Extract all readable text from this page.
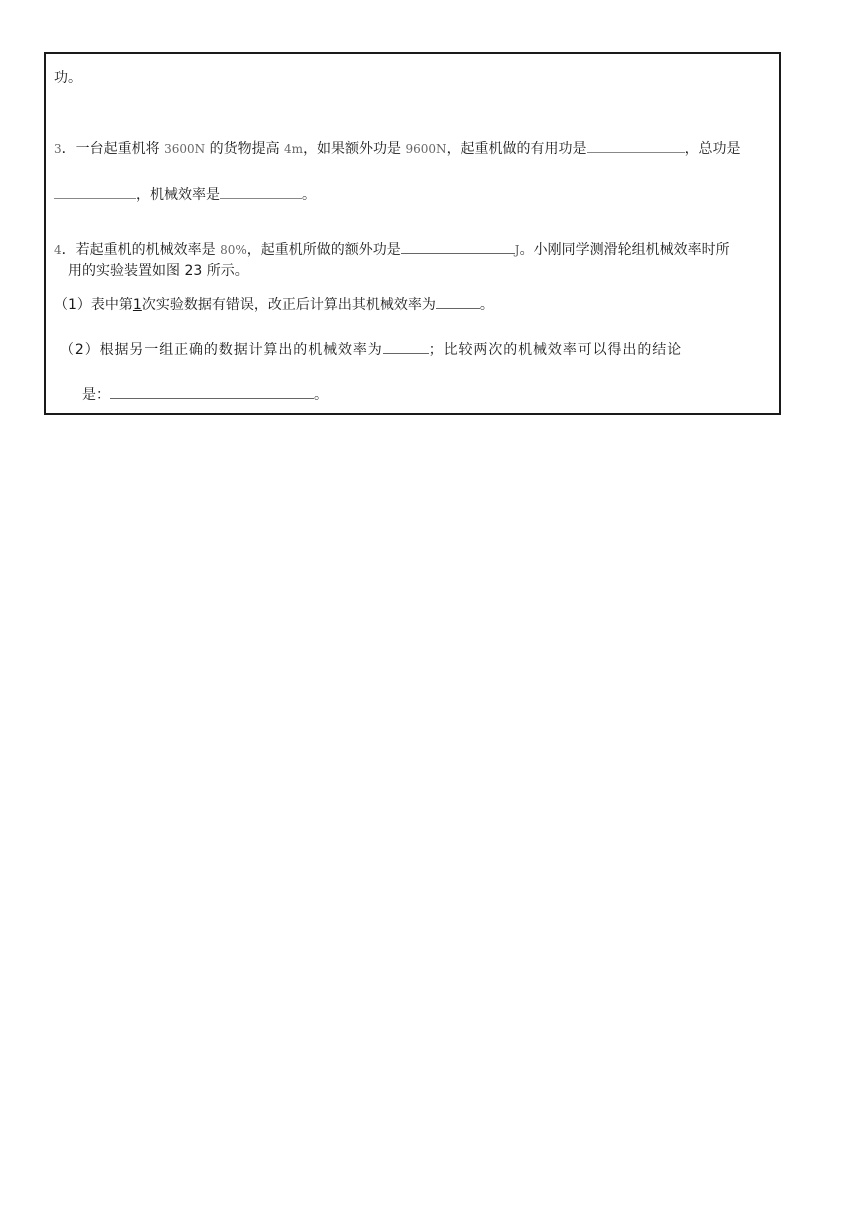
功。
3．一台起重机将 3600N 的货物提高 4m，如果额外功是 9600N，起重机做的有用功是	，总功是
，机械效率是	。
4．若起重机的机械效率是 80%，起重机所做的额外功是	J。小刚同学测滑轮组机械效率时所
用的实验装置如图 23 所示。
（1）表中第1次实验数据有错误，改正后计算出其机械效率为	。
（2）根据另一组正确的数据计算出的机械效率为	；比较两次的机械效率可以得出的结论
是：	。
